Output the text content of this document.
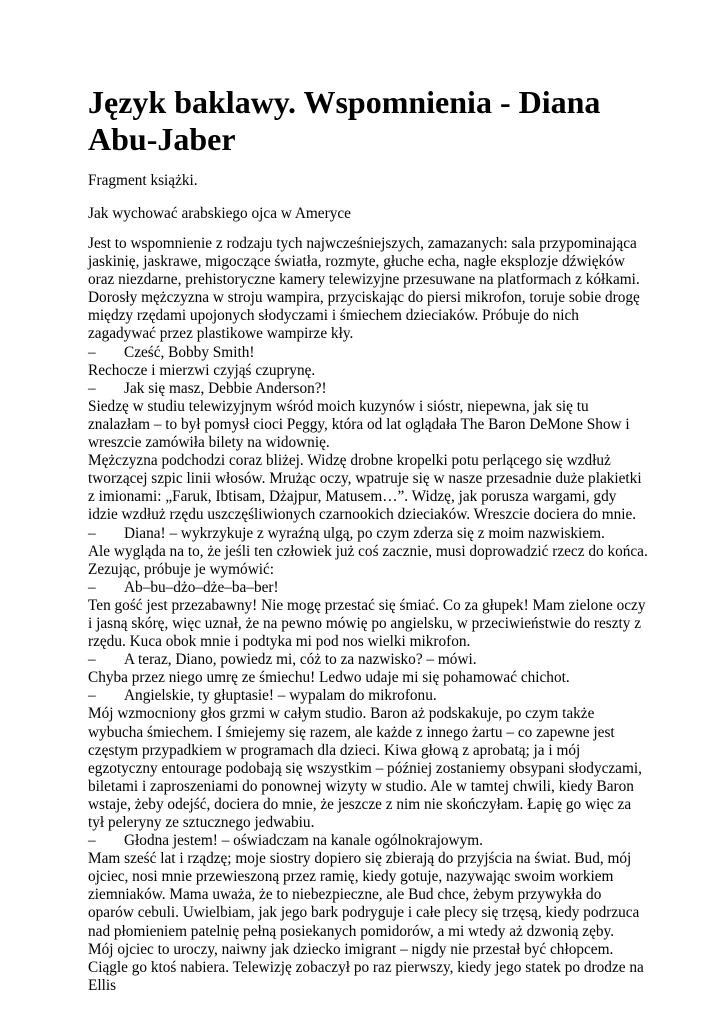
Język baklawy. Wspomnienia - Diana Abu-Jaber

Fragment książki.

Jak wychować arabskiego ojca w Ameryce

Jest to wspomnienie z rodzaju tych najwcześniejszych, zamazanych: sala przypominająca jaskinię, jaskrawe, migoczące światła, rozmyte, głuche echa, nagłe eksplozje dźwięków oraz niezdarne, prehistoryczne kamery telewizyjne przesuwane na platformach z kółkami. Dorosły mężczyzna w stroju wampira, przyciskając do piersi mikrofon, toruje sobie drogę między rzędami upojonych słodyczami i śmiechem dzieciaków. Próbuje do nich zagadywać przez plastikowe wampirze kły.

– Cześć, Bobby Smith!

Rechocze i mierzwi czyjąś czuprynę.

– Jak się masz, Debbie Anderson?!

Siedzę w studiu telewizyjnym wśród moich kuzynów i sióstr, niepewna, jak się tu znalazłam – to był pomysł cioci Peggy, która od lat oglądała The Baron DeMone Show i wreszcie zamówiła bilety na widownię.

Mężczyzna podchodzi coraz bliżej. Widzę drobne kropelki potu perlącego się wzdłuż tworzącej szpic linii włosów. Mrużąc oczy, wpatruje się w nasze przesadnie duże plakietki z imionami: „Faruk, Ibtisam, Dżajpur, Matusem…”. Widzę, jak porusza wargami, gdy idzie wzdłuż rzędu uszczęśliwionych czarnookich dzieciaków. Wreszcie dociera do mnie.

– Diana! – wykrzykuje z wyraźną ulgą, po czym zderza się z moim nazwiskiem.

Ale wygląda na to, że jeśli ten człowiek już coś zacznie, musi doprowadzić rzecz do końca. Zezując, próbuje je wymówić:

– Ab–bu–dżo–dże–ba–ber!

Ten gość jest przezabawny! Nie mogę przestać się śmiać. Co za głupek! Mam zielone oczy i jasną skórę, więc uznał, że na pewno mówię po angielsku, w przeciwieństwie do reszty z rzędu. Kuca obok mnie i podtyka mi pod nos wielki mikrofon.

– A teraz, Diano, powiedz mi, cóż to za nazwisko? – mówi.

Chyba przez niego umrę ze śmiechu! Ledwo udaje mi się pohamować chichot.

– Angielskie, ty głuptasie! – wypalam do mikrofonu.

Mój wzmocniony głos grzmi w całym studio. Baron aż podskakuje, po czym także wybucha śmiechem. I śmiejemy się razem, ale każde z innego żartu – co zapewne jest częstym przypadkiem w programach dla dzieci. Kiwa głową z aprobatą; ja i mój egzotyczny entourage podobają się wszystkim – później zostaniemy obsypani słodyczami, biletami i zaproszeniami do ponownej wizyty w studio. Ale w tamtej chwili, kiedy Baron wstaje, żeby odejść, dociera do mnie, że jeszcze z nim nie skończyłam. Łapię go więc za tył peleryny ze sztucznego jedwabiu.

– Głodna jestem! – oświadczam na kanale ogólnokrajowym.

Mam sześć lat i rządzę; moje siostry dopiero się zbierają do przyjścia na świat. Bud, mój ojciec, nosi mnie przewieszoną przez ramię, kiedy gotuje, nazywając swoim workiem ziemniaków. Mama uważa, że to niebezpieczne, ale Bud chce, żebym przywykła do oparów cebuli. Uwielbiam, jak jego bark podryguje i całe plecy się trzęsą, kiedy podrzuca nad płomieniem patelnię pełną posiekanych pomidorów, a mi wtedy aż dzwonią zęby.

Mój ojciec to uroczy, naiwny jak dziecko imigrant – nigdy nie przestał być chłopcem. Ciągle go ktoś nabiera. Telewizję zobaczył po raz pierwszy, kiedy jego statek po drodze na Ellis
